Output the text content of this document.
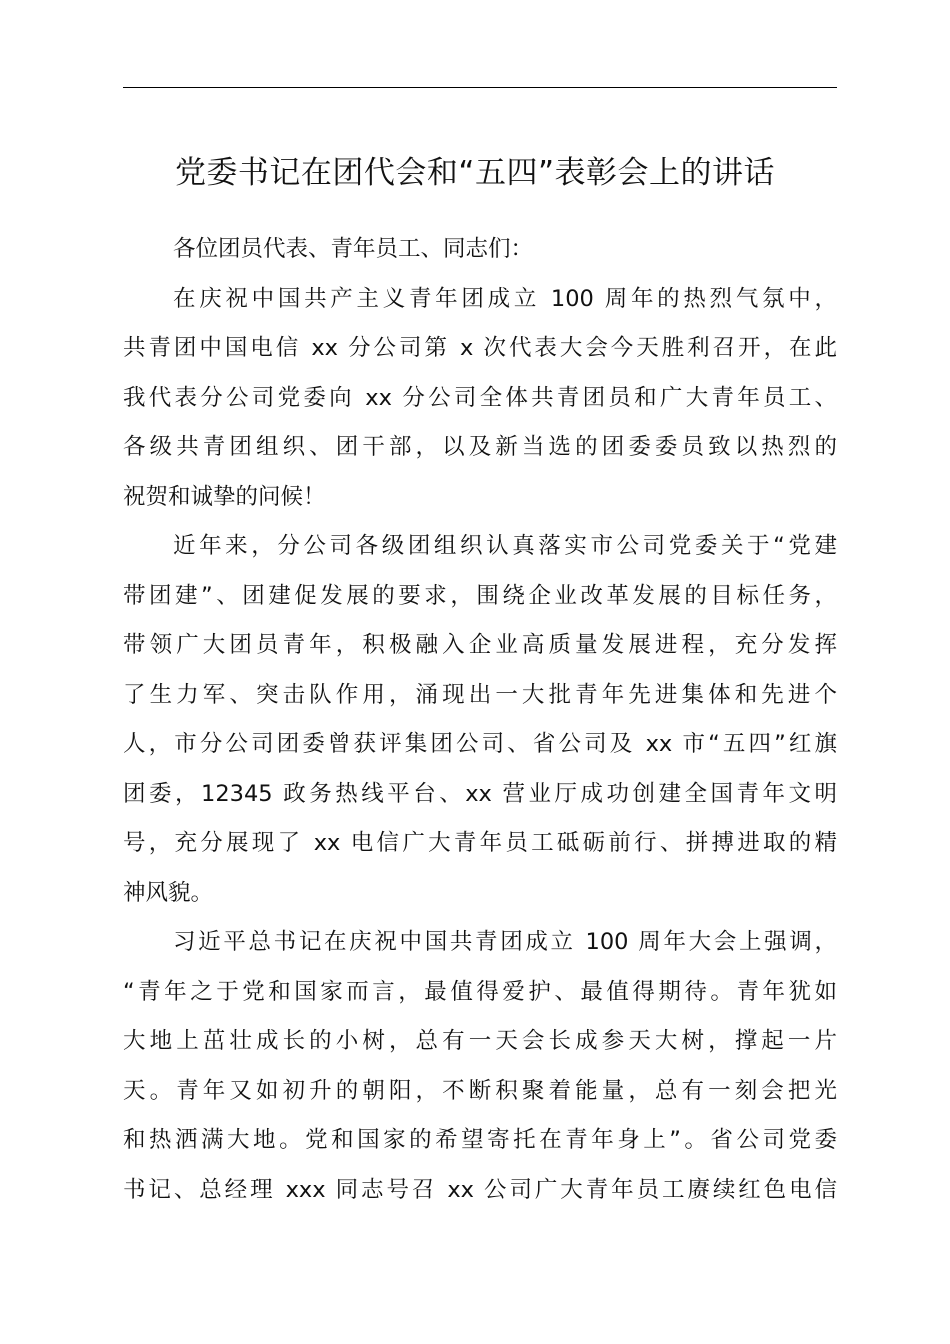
党委书记在团代会和“五四”表彰会上的讲话
各位团员代表、青年员工、同志们：
在庆祝中国共产主义青年团成立 100 周年的热烈气氛中，
共青团中国电信 xx 分公司第 x 次代表大会今天胜利召开，在此
我代表分公司党委向 xx 分公司全体共青团员和广大青年员工、
各级共青团组织、团干部，以及新当选的团委委员致以热烈的
祝贺和诚挚的问候！
近年来，分公司各级团组织认真落实市公司党委关于“党建
带团建”、团建促发展的要求，围绕企业改革发展的目标任务，
带领广大团员青年，积极融入企业高质量发展进程，充分发挥
了生力军、突击队作用，涌现出一大批青年先进集体和先进个
人，市分公司团委曾获评集团公司、省公司及 xx 市“五四”红旗
团委，12345 政务热线平台、xx 营业厅成功创建全国青年文明
号，充分展现了 xx 电信广大青年员工砥砺前行、拼搏进取的精
神风貌。
习近平总书记在庆祝中国共青团成立 100 周年大会上强调，
“青年之于党和国家而言，最值得爱护、最值得期待。青年犹如
大地上茁壮成长的小树，总有一天会长成参天大树，撑起一片
天。青年又如初升的朝阳，不断积聚着能量，总有一刻会把光
和热洒满大地。党和国家的希望寄托在青年身上”。省公司党委
书记、总经理 xxx 同志号召 xx 公司广大青年员工赓续红色电信
